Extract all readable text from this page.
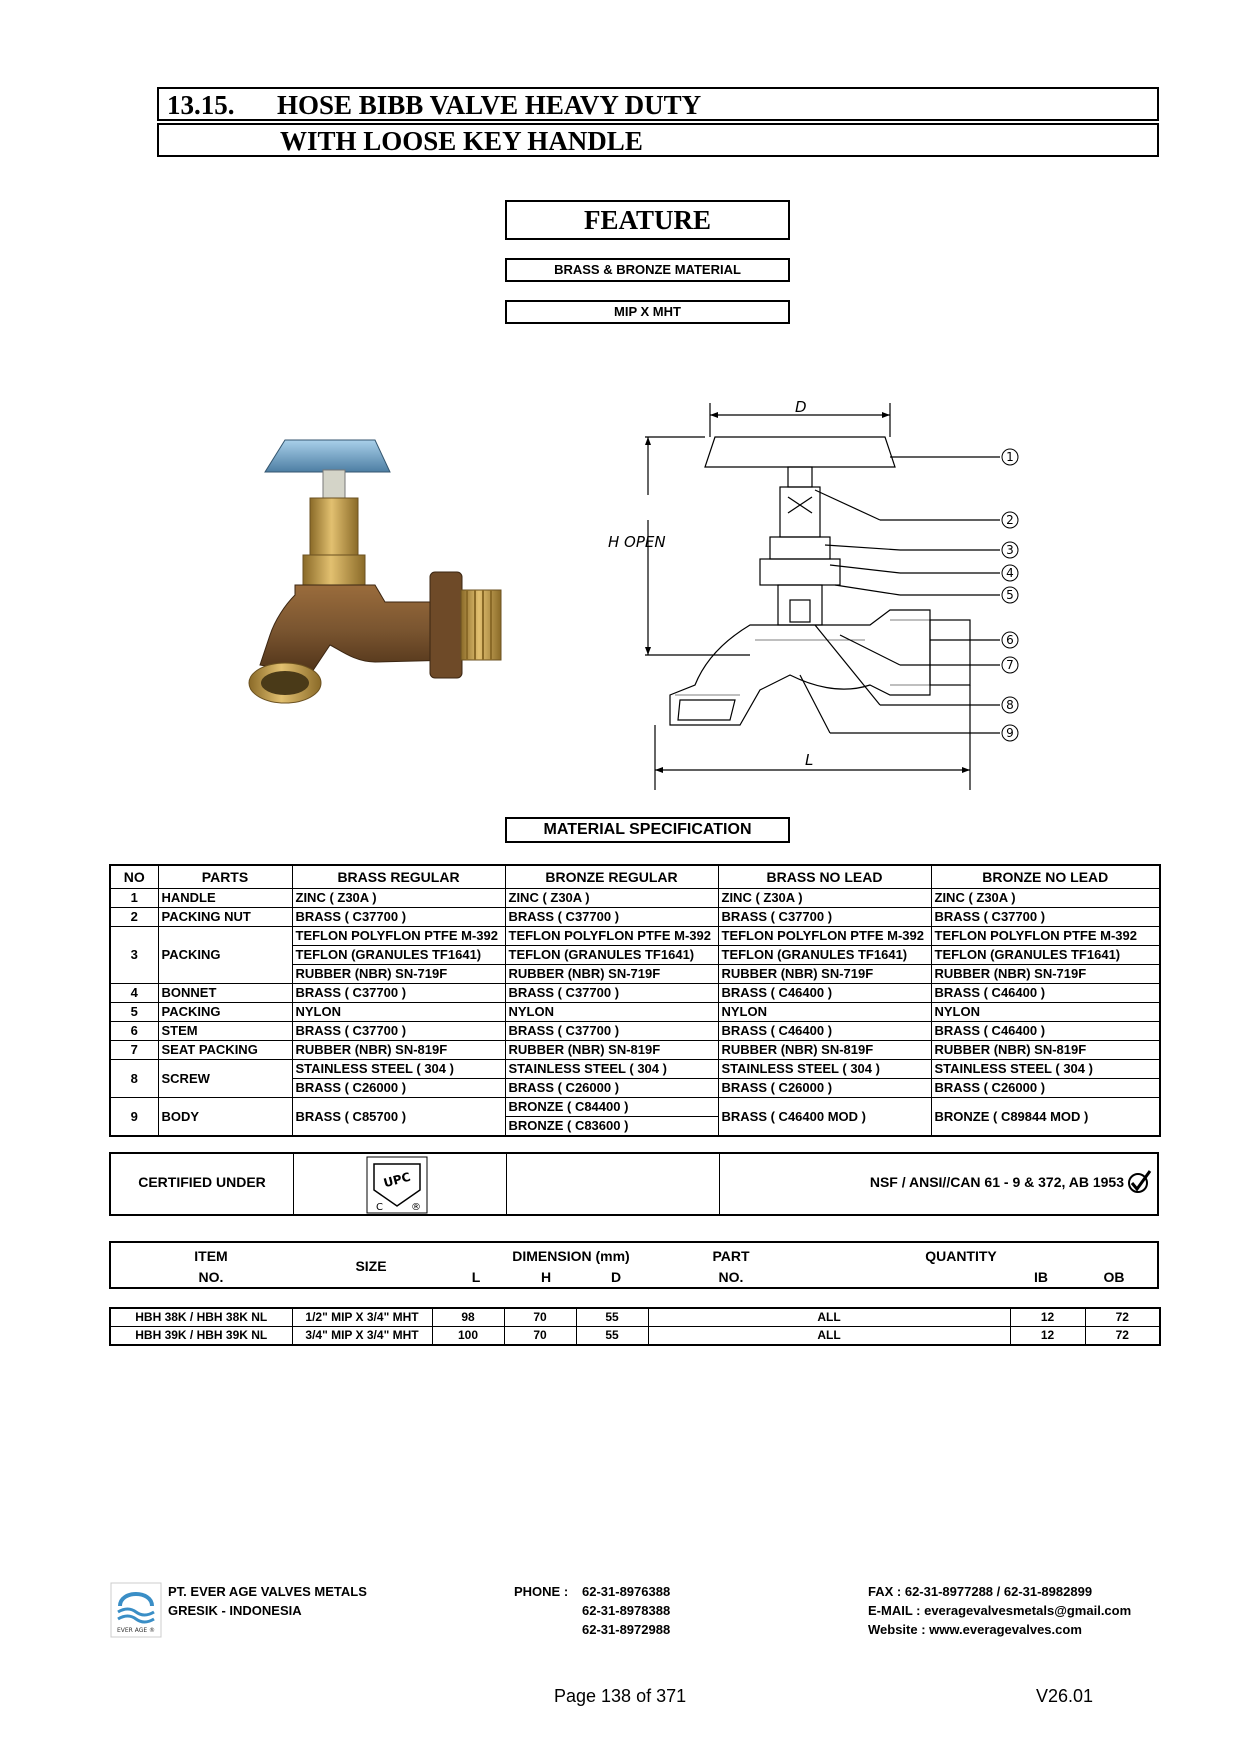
13.15. HOSE BIBB VALVE HEAVY DUTY
WITH LOOSE KEY HANDLE
FEATURE
BRASS & BRONZE MATERIAL
MIP X MHT
D
H OPEN
L
1
2
3
4
5
6
7
8
9
MATERIAL SPECIFICATION
NO	PARTS	BRASS REGULAR	BRONZE REGULAR	BRASS NO LEAD	BRONZE NO LEAD
1	HANDLE	ZINC ( Z30A )	ZINC ( Z30A )	ZINC ( Z30A )	ZINC ( Z30A )
2	PACKING NUT	BRASS ( C37700 )	BRASS ( C37700 )	BRASS ( C37700 )	BRASS ( C37700 )
3	PACKING	TEFLON POLYFLON PTFE M-392	TEFLON POLYFLON PTFE M-392	TEFLON POLYFLON PTFE M-392	TEFLON POLYFLON PTFE M-392
		TEFLON (GRANULES TF1641)	TEFLON (GRANULES TF1641)	TEFLON (GRANULES TF1641)	TEFLON (GRANULES TF1641)
		RUBBER (NBR) SN-719F	RUBBER (NBR) SN-719F	RUBBER (NBR) SN-719F	RUBBER (NBR) SN-719F
4	BONNET	BRASS ( C37700 )	BRASS ( C37700 )	BRASS ( C46400 )	BRASS ( C46400 )
5	PACKING	NYLON	NYLON	NYLON	NYLON
6	STEM	BRASS ( C37700 )	BRASS ( C37700 )	BRASS ( C46400 )	BRASS ( C46400 )
7	SEAT PACKING	RUBBER (NBR) SN-819F	RUBBER (NBR) SN-819F	RUBBER (NBR) SN-819F	RUBBER (NBR) SN-819F
8	SCREW	STAINLESS STEEL ( 304 )	STAINLESS STEEL ( 304 )	STAINLESS STEEL ( 304 )	STAINLESS STEEL ( 304 )
		BRASS ( C26000 )	BRASS ( C26000 )	BRASS ( C26000 )	BRASS ( C26000 )
9	BODY	BRASS ( C85700 )	BRONZE ( C84400 )	BRASS ( C46400 MOD )	BRONZE ( C89844 MOD )
			BRONZE ( C83600 )		
CERTIFIED UNDER	UPC
C	®
NSF / ANSI//CAN 61 - 9 & 372, AB 1953
ITEM
NO.
SIZE
DIMENSION (mm)
L	H	D
PART
NO.
QUANTITY
IB	OB
HBH 38K / HBH 38K NL	1/2" MIP X 3/4" MHT	98	70	55	ALL	12	72
HBH 39K / HBH 39K NL	3/4" MIP X 3/4" MHT	100	70	55	ALL	12	72
EVER AGE ®
PT. EVER AGE VALVES METALS
GRESIK - INDONESIA
PHONE : 62-31-8976388
62-31-8978388
62-31-8972988
FAX : 62-31-8977288 / 62-31-8982899
E-MAIL : everagevalvesmetals@gmail.com
Website : www.everagevalves.com
Page 138 of 371	V26.01
